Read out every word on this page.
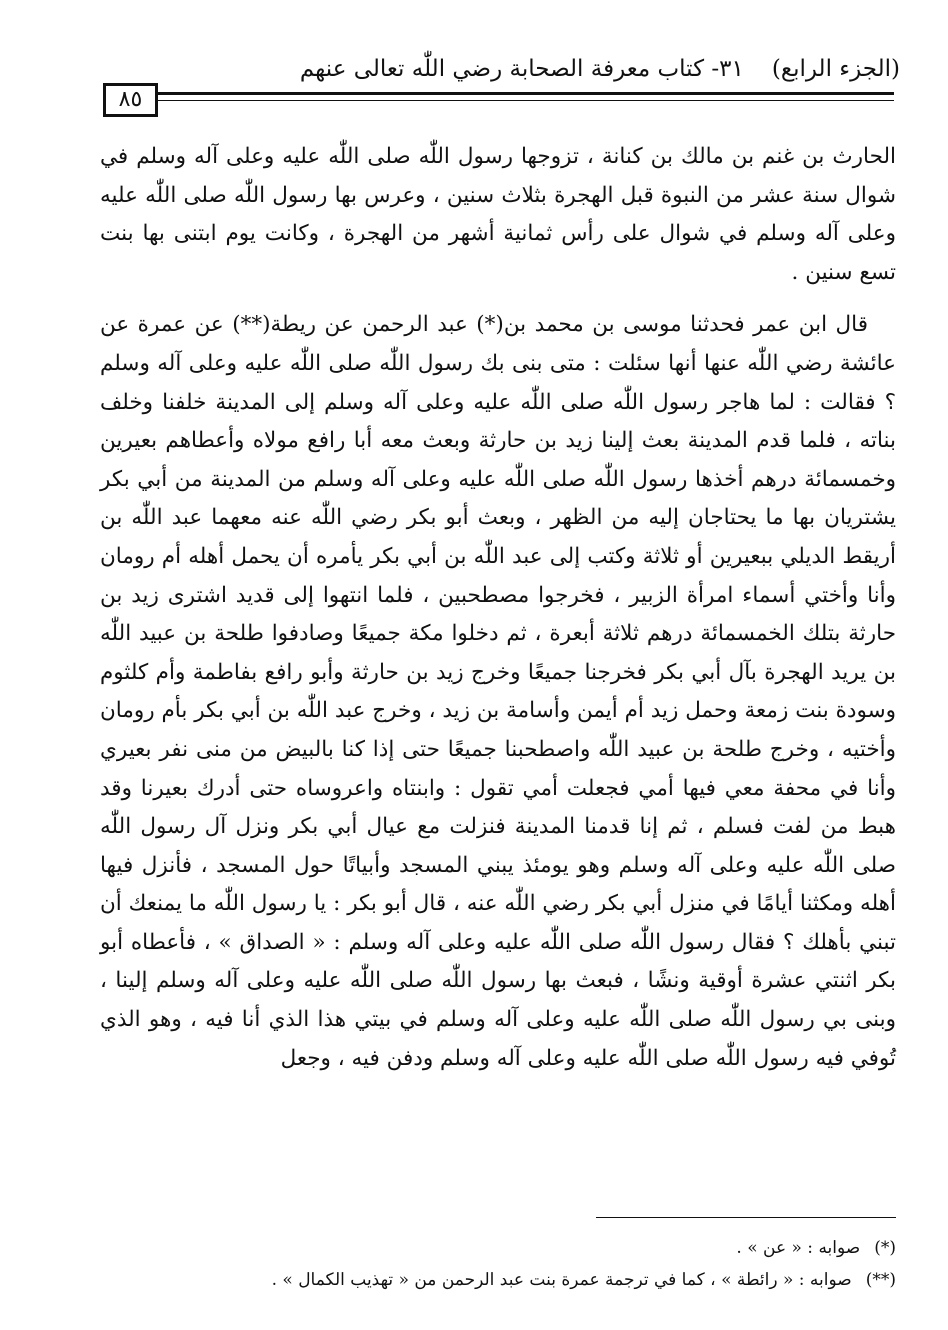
(الجزء الرابع)٣١- كتاب معرفة الصحابة رضي اللّٰه تعالى عنهم
٨٥

الحارث بن غنم بن مالك بن كنانة ، تزوجها رسول اللّٰه صلى اللّٰه عليه وعلى آله وسلم في شوال سنة عشر من النبوة قبل الهجرة بثلاث سنين ، وعرس بها رسول اللّٰه صلى اللّٰه عليه وعلى آله وسلم في شوال على رأس ثمانية أشهر من الهجرة ، وكانت يوم ابتنى بها بنت تسع سنين .

قال ابن عمر فحدثنا موسى بن محمد بن(*) عبد الرحمن عن ريطة(**) عن عمرة عن عائشة رضي اللّٰه عنها أنها سئلت : متى بنى بك رسول اللّٰه صلى اللّٰه عليه وعلى آله وسلم ؟ فقالت : لما هاجر رسول اللّٰه صلى اللّٰه عليه وعلى آله وسلم إلى المدينة خلفنا وخلف بناته ، فلما قدم المدينة بعث إلينا زيد بن حارثة وبعث معه أبا رافع مولاه وأعطاهم بعيرين وخمسمائة درهم أخذها رسول اللّٰه صلى اللّٰه عليه وعلى آله وسلم من المدينة من أبي بكر يشتريان بها ما يحتاجان إليه من الظهر ، وبعث أبو بكر رضي اللّٰه عنه معهما عبد اللّٰه بن أريقط الديلي ببعيرين أو ثلاثة وكتب إلى عبد اللّٰه بن أبي بكر يأمره أن يحمل أهله أم رومان وأنا وأختي أسماء امرأة الزبير ، فخرجوا مصطحبين ، فلما انتهوا إلى قديد اشترى زيد بن حارثة بتلك الخمسمائة درهم ثلاثة أبعرة ، ثم دخلوا مكة جميعًا وصادفوا طلحة بن عبيد اللّٰه بن يريد الهجرة بآل أبي بكر فخرجنا جميعًا وخرج زيد بن حارثة وأبو رافع بفاطمة وأم كلثوم وسودة بنت زمعة وحمل زيد أم أيمن وأسامة بن زيد ، وخرج عبد اللّٰه بن أبي بكر بأم رومان وأختيه ، وخرج طلحة بن عبيد اللّٰه واصطحبنا جميعًا حتى إذا كنا بالبيض من منى نفر بعيري وأنا في محفة معي فيها أمي فجعلت أمي تقول : وابنتاه واعروساه حتى أدرك بعيرنا وقد هبط من لفت فسلم ، ثم إنا قدمنا المدينة فنزلت مع عيال أبي بكر ونزل آل رسول اللّٰه صلى اللّٰه عليه وعلى آله وسلم وهو يومئذ يبني المسجد وأبياتًا حول المسجد ، فأنزل فيها أهله ومكثنا أيامًا في منزل أبي بكر رضي اللّٰه عنه ، قال أبو بكر : يا رسول اللّٰه ما يمنعك أن تبني بأهلك ؟ فقال رسول اللّٰه صلى اللّٰه عليه وعلى آله وسلم : « الصداق » ، فأعطاه أبو بكر اثنتي عشرة أوقية ونشًا ، فبعث بها رسول اللّٰه صلى اللّٰه عليه وعلى آله وسلم إلينا ، وبنى بي رسول اللّٰه صلى اللّٰه عليه وعلى آله وسلم في بيتي هذا الذي أنا فيه ، وهو الذي تُوفي فيه رسول اللّٰه صلى اللّٰه عليه وعلى آله وسلم ودفن فيه ، وجعل

(*)صوابه : « عن » .

(**)صوابه : « رائطة » ، كما في ترجمة عمرة بنت عبد الرحمن من « تهذيب الكمال » .
